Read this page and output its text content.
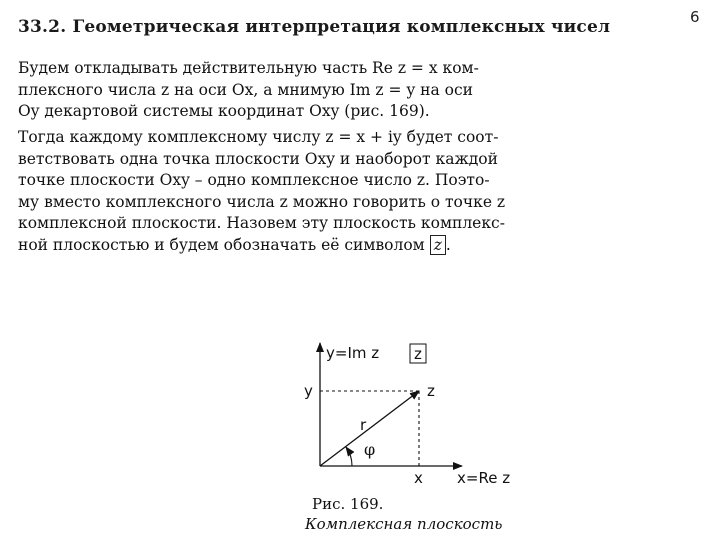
6
33.2. Геометрическая интерпретация комплексных чисел
Будем откладывать действительную часть Re z = x ком-
плексного числа z на оси Ox, а мнимую Im z = y на оси
Oy декартовой системы координат Oxy (рис. 169).
Тогда каждому комплексному числу z = x + iy будет соот-
ветствовать одна точка плоскости Oxy и наоборот каждой
точке плоскости Oxy – одно комплексное число z. Поэто-
му вместо комплексного числа z можно говорить о точке z
комплексной плоскости. Назовем эту плоскость комплекс-
ной плоскостью и будем обозначать её символом z .
y=Im z z
y	z
r
φ
x x=Re z
Рис. 169.
Комплексная плоскость
